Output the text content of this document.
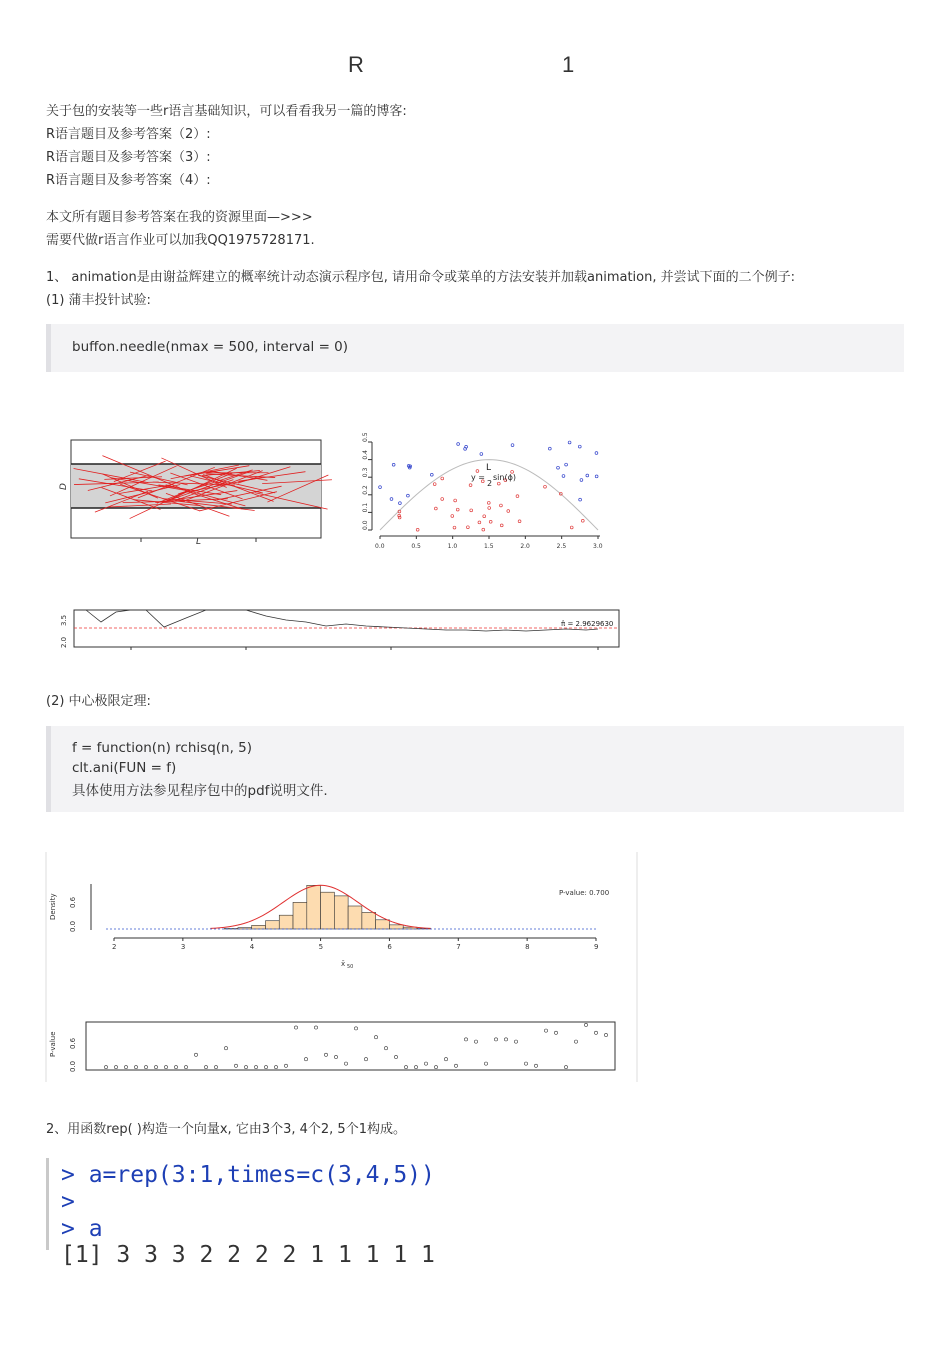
R	1
关于包的安装等一些r语言基础知识，可以看看我另一篇的博客:
R语言题目及参考答案（2）:
R语言题目及参考答案（3）:
R语言题目及参考答案（4）:
本文所有题目参考答案在我的资源里面—>>>
需要代做r语言作业可以加我QQ1975728171.
1、 animation是由谢益辉建立的概率统计动态演示程序包, 请用命令或菜单的方法安装并加载animation, 并尝试下面的二个例子:
(1) 蒲丰投针试验:
buffon.needle(nmax = 500, interval = 0)
L
D
0.0
0.1
0.2
0.3
0.4
0.5
0.0	0.5	1.0	1.5	2.0	2.5	3.0
L
y =
2
sin(ϕ)
2.0
3.5	π̂ = 2.9629630
(2) 中心极限定理:
f = function(n) rchisq(n, 5)
clt.ani(FUN = f)
具体使用方法参见程序包中的pdf说明文件.
2	3	4	5	6	7	8	9
Density
0.0
0.6
x̄ 50
P-value: 0.700
P-value
0.0
0.6
2、用函数rep( )构造一个向量x, 它由3个3, 4个2, 5个1构成。
> a=rep(3:1,times=c(3,4,5))
>
> a
[1] 3 3 3 2 2 2 2 1 1 1 1 1
